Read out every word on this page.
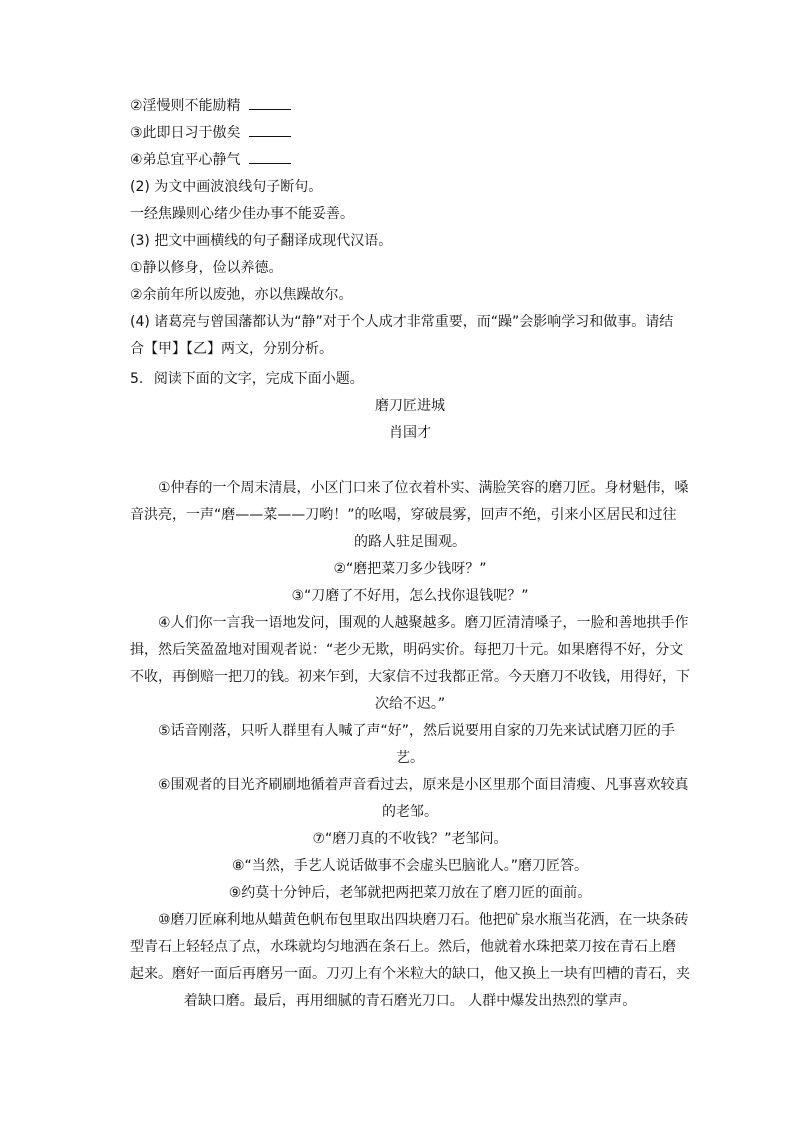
②淫慢则不能励精
③此即日习于傲矣
④弟总宜平心静气
(2) 为文中画波浪线句子断句。
一经焦躁则心绪少佳办事不能妥善。
(3) 把文中画横线的句子翻译成现代汉语。
①静以修身，俭以养德。
②余前年所以废弛，亦以焦躁故尔。
(4) 诸葛亮与曾国藩都认为“静”对于个人成才非常重要，而“躁”会影响学习和做事。请结
合【甲】【乙】两文，分别分析。
5. 阅读下面的文字，完成下面小题。
磨刀匠进城
肖国才
①仲春的一个周末清晨，小区门口来了位衣着朴实、满脸笑容的磨刀匠。身材魁伟，嗓
音洪亮，一声“磨——菜——刀哟！”的吆喝，穿破晨雾，回声不绝，引来小区居民和过往
的路人驻足围观。
②“磨把菜刀多少钱呀？”
③“刀磨了不好用，怎么找你退钱呢？”
④人们你一言我一语地发问，围观的人越聚越多。磨刀匠清清嗓子，一脸和善地拱手作
揖，然后笑盈盈地对围观者说：“老少无欺，明码实价。每把刀十元。如果磨得不好，分文
不收，再倒赔一把刀的钱。初来乍到，大家信不过我都正常。今天磨刀不收钱，用得好，下
次给不迟。”
⑤话音刚落，只听人群里有人喊了声“好”，然后说要用自家的刀先来试试磨刀匠的手
艺。
⑥围观者的目光齐刷刷地循着声音看过去，原来是小区里那个面目清瘦、凡事喜欢较真
的老邹。
⑦“磨刀真的不收钱？”老邹问。
⑧“当然，手艺人说话做事不会虚头巴脑讹人。”磨刀匠答。
⑨约莫十分钟后，老邹就把两把菜刀放在了磨刀匠的面前。
⑩磨刀匠麻利地从蜡黄色帆布包里取出四块磨刀石。他把矿泉水瓶当花洒，在一块条砖
型青石上轻轻点了点，水珠就均匀地洒在条石上。然后，他就着水珠把菜刀按在青石上磨
起来。磨好一面后再磨另一面。刀刃上有个米粒大的缺口，他又换上一块有凹槽的青石，夹
着缺口磨。最后，再用细腻的青石磨光刀口。 人群中爆发出热烈的掌声。
